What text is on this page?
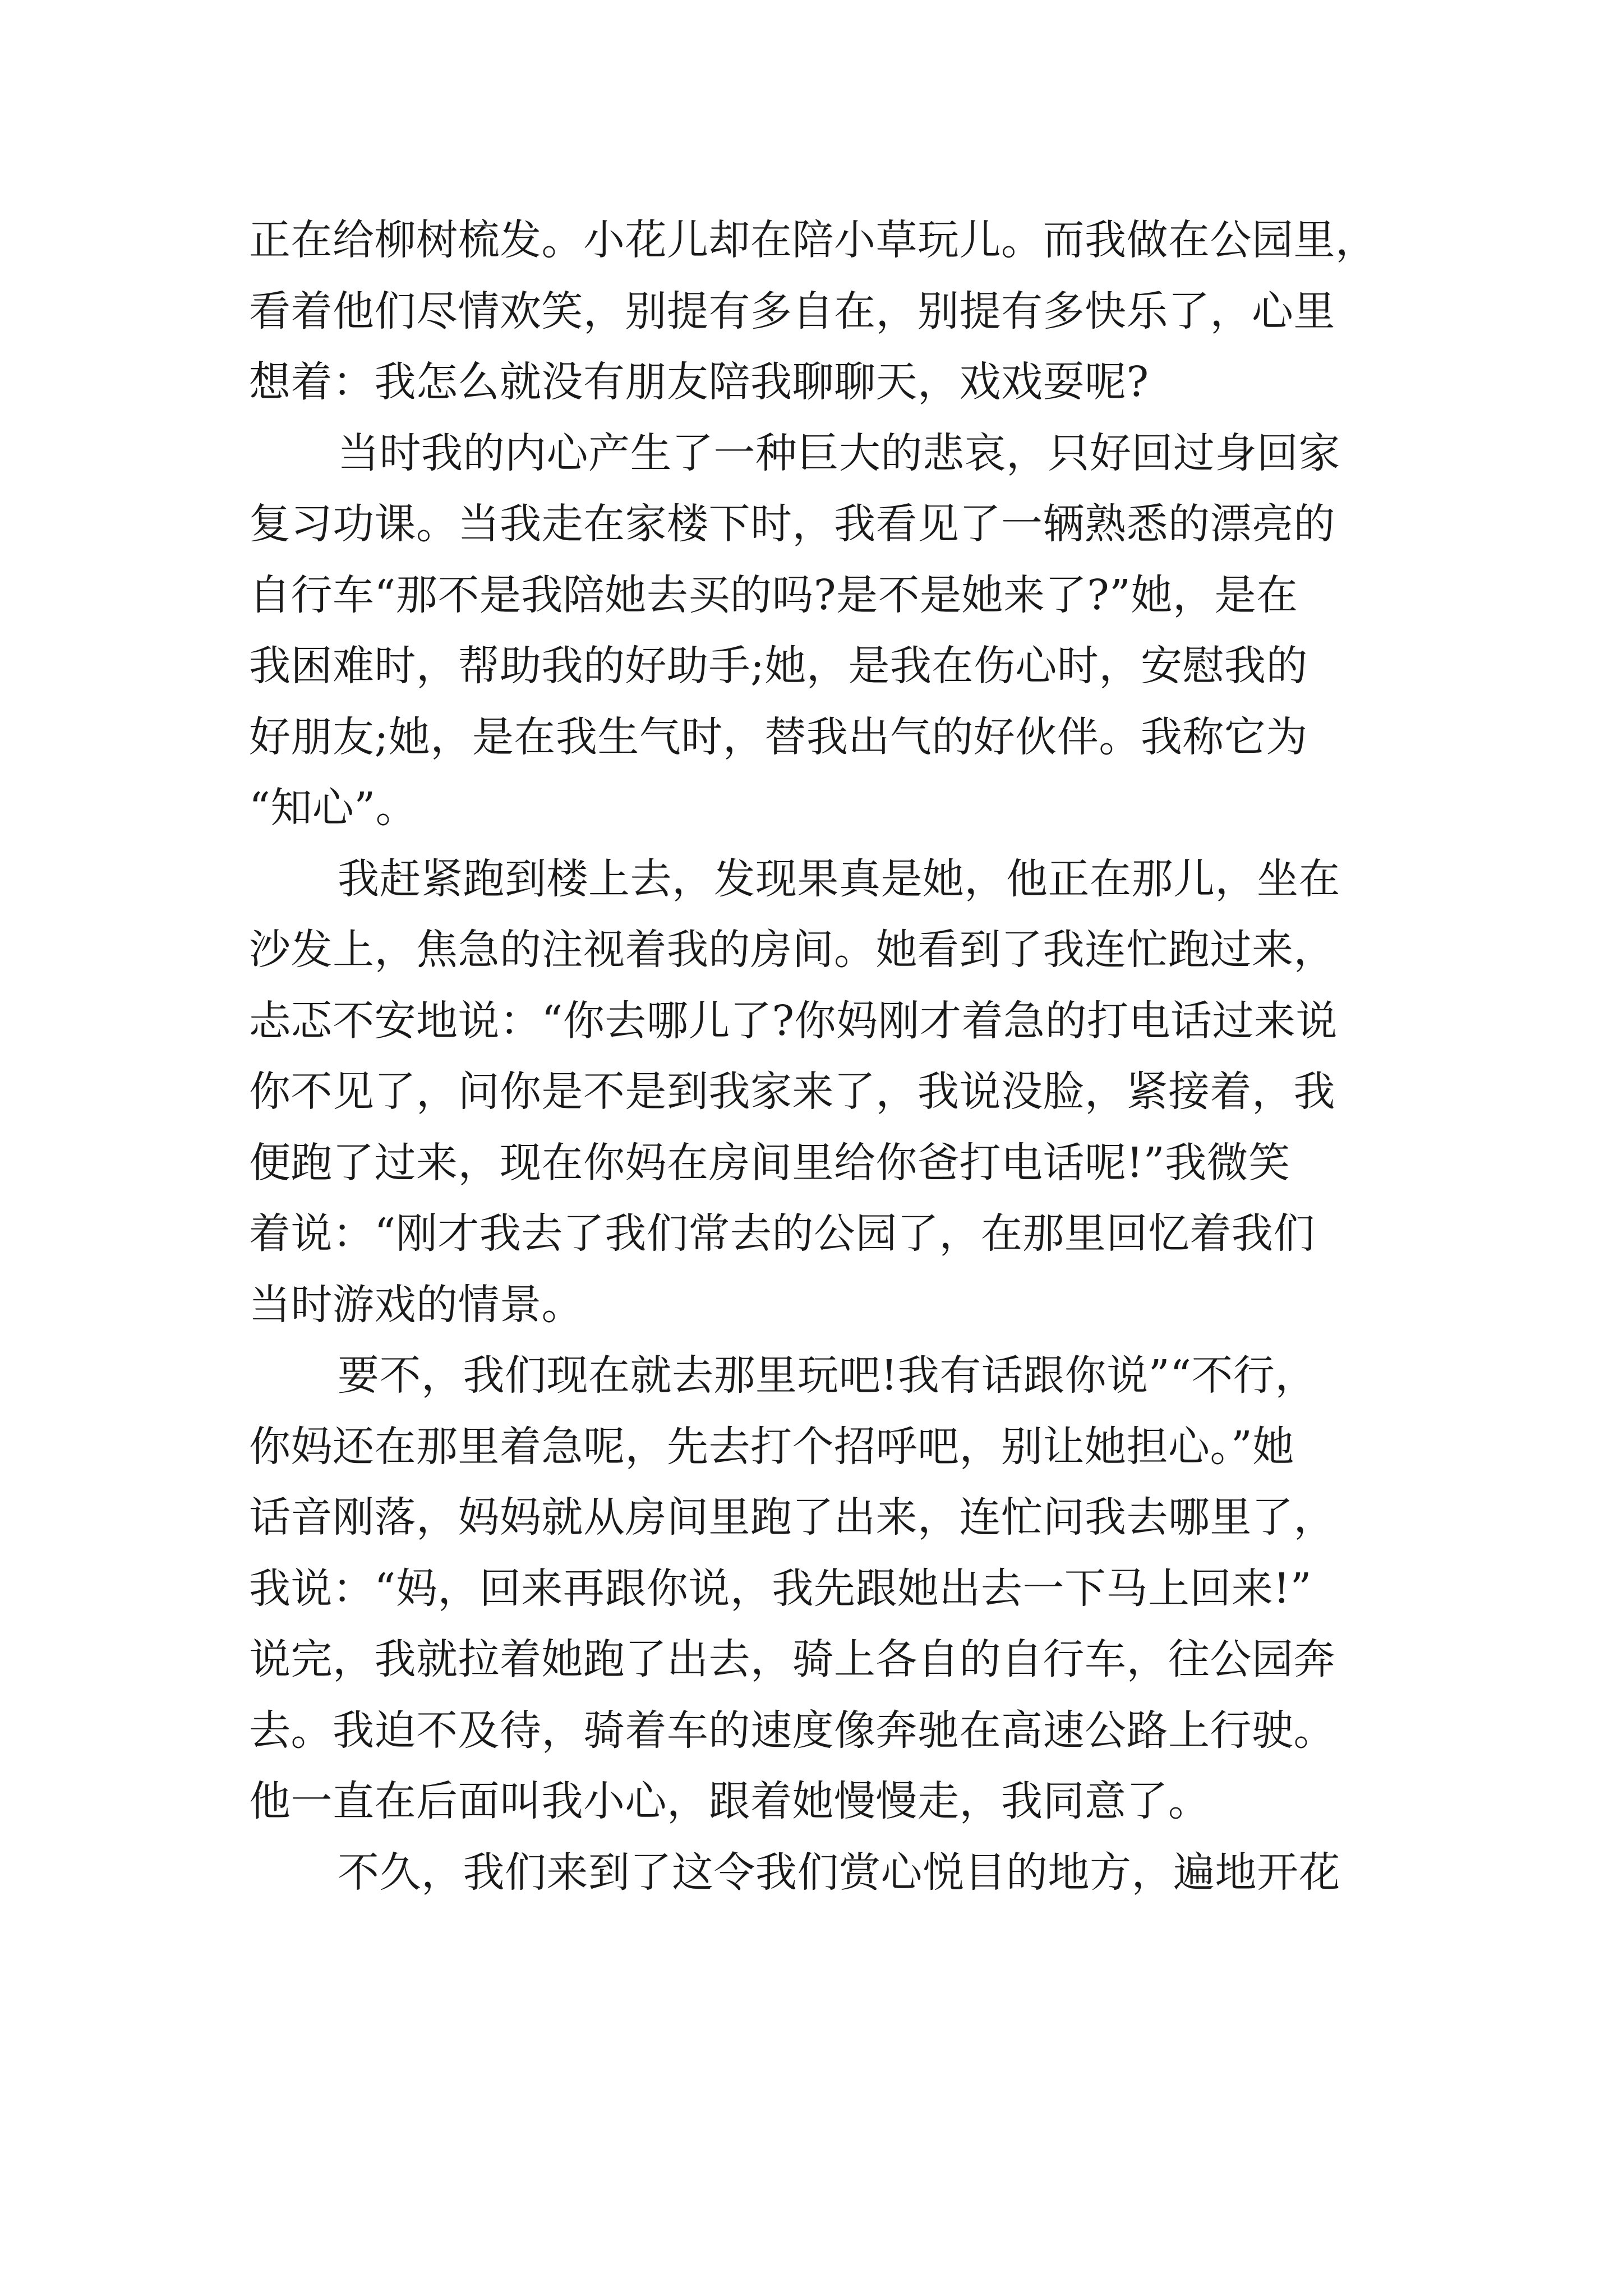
正在给柳树梳发。小花儿却在陪小草玩儿。而我做在公园里，
看着他们尽情欢笑，别提有多自在，别提有多快乐了，心里
想着：我怎么就没有朋友陪我聊聊天，戏戏耍呢?
当时我的内心产生了一种巨大的悲哀，只好回过身回家
复习功课。当我走在家楼下时，我看见了一辆熟悉的漂亮的
自行车“那不是我陪她去买的吗?是不是她来了?”她，是在
我困难时，帮助我的好助手;她，是我在伤心时，安慰我的
好朋友;她，是在我生气时，替我出气的好伙伴。我称它为
“知心”。
我赶紧跑到楼上去，发现果真是她，他正在那儿，坐在
沙发上，焦急的注视着我的房间。她看到了我连忙跑过来，
忐忑不安地说：“你去哪儿了?你妈刚才着急的打电话过来说
你不见了，问你是不是到我家来了，我说没脸，紧接着，我
便跑了过来，现在你妈在房间里给你爸打电话呢!”我微笑
着说：“刚才我去了我们常去的公园了，在那里回忆着我们
当时游戏的情景。
要不，我们现在就去那里玩吧!我有话跟你说”“不行，
你妈还在那里着急呢，先去打个招呼吧，别让她担心。”她
话音刚落，妈妈就从房间里跑了出来，连忙问我去哪里了，
我说：“妈，回来再跟你说，我先跟她出去一下马上回来!”
说完，我就拉着她跑了出去，骑上各自的自行车，往公园奔
去。我迫不及待，骑着车的速度像奔驰在高速公路上行驶。
他一直在后面叫我小心，跟着她慢慢走，我同意了。
不久，我们来到了这令我们赏心悦目的地方，遍地开花
